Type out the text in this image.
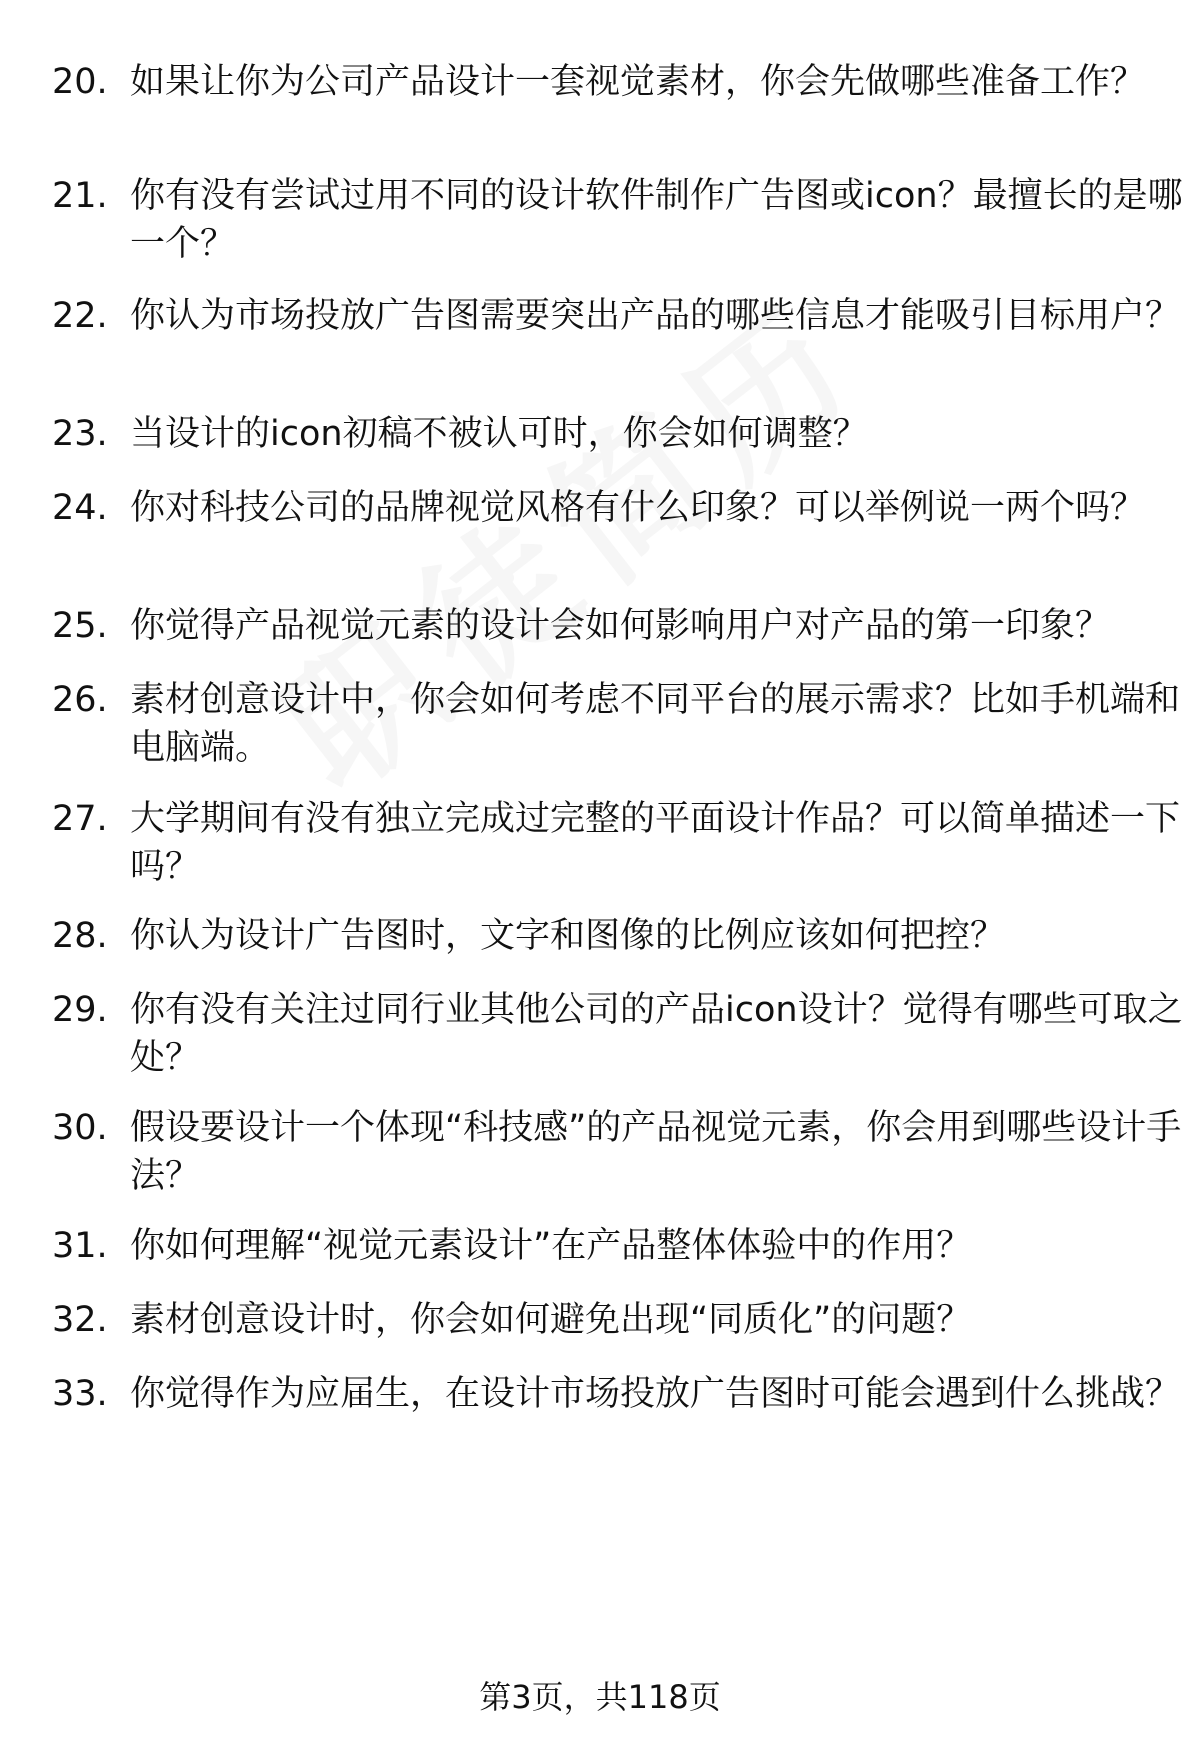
20. 如果让你为公司产品设计一套视觉素材，你会先做哪些准备工作？
21. 你有没有尝试过用不同的设计软件制作广告图或icon？最擅长的是哪一个？
22. 你认为市场投放广告图需要突出产品的哪些信息才能吸引目标用户？
23. 当设计的icon初稿不被认可时，你会如何调整？
24. 你对科技公司的品牌视觉风格有什么印象？可以举例说一两个吗？
25. 你觉得产品视觉元素的设计会如何影响用户对产品的第一印象？
26. 素材创意设计中，你会如何考虑不同平台的展示需求？比如手机端和电脑端。
27. 大学期间有没有独立完成过完整的平面设计作品？可以简单描述一下吗？
28. 你认为设计广告图时，文字和图像的比例应该如何把控？
29. 你有没有关注过同行业其他公司的产品icon设计？觉得有哪些可取之处？
30. 假设要设计一个体现“科技感”的产品视觉元素，你会用到哪些设计手法？
31. 你如何理解“视觉元素设计”在产品整体体验中的作用？
32. 素材创意设计时，你会如何避免出现“同质化”的问题？
33. 你觉得作为应届生，在设计市场投放广告图时可能会遇到什么挑战？
第3页，共118页
